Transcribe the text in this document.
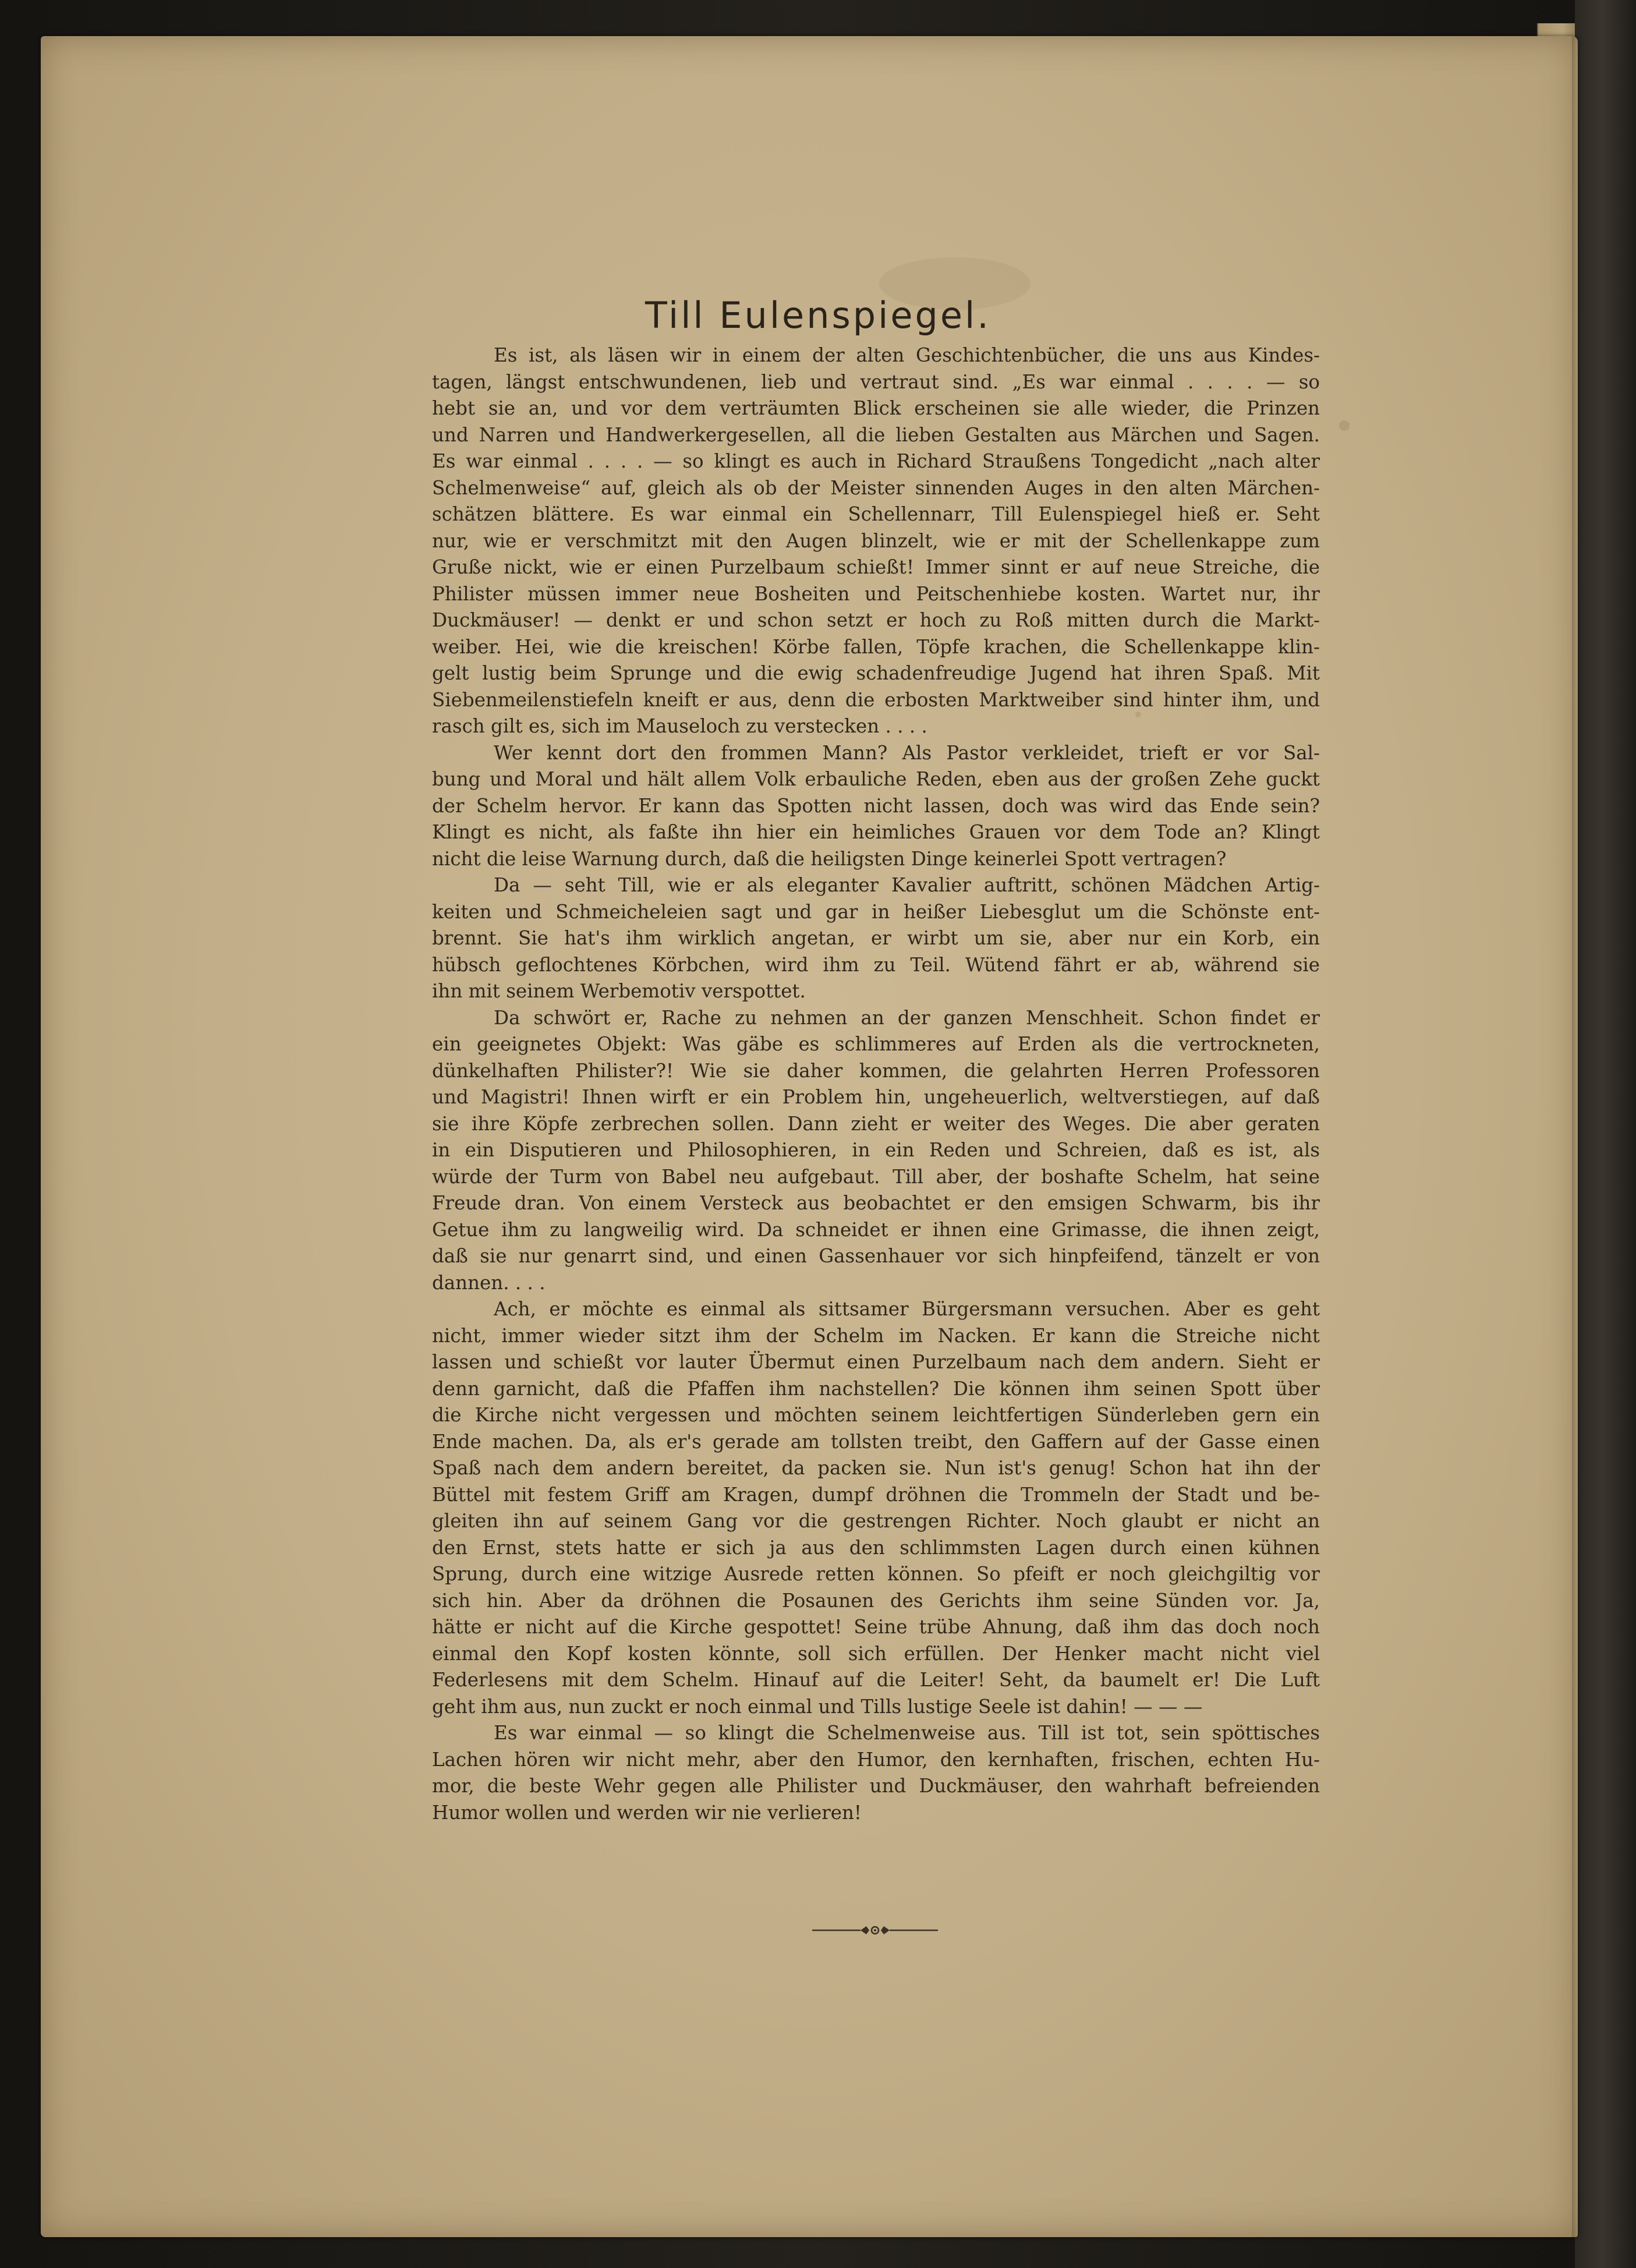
Till Eulenspiegel.
Es ist, als läsen wir in einem der alten Geschichtenbücher, die uns aus Kindes-
tagen, längst entschwundenen, lieb und vertraut sind. „Es war einmal . . . . — so
hebt sie an, und vor dem verträumten Blick erscheinen sie alle wieder, die Prinzen
und Narren und Handwerkergesellen, all die lieben Gestalten aus Märchen und Sagen.
Es war einmal . . . . — so klingt es auch in Richard Straußens Tongedicht „nach alter
Schelmenweise“ auf, gleich als ob der Meister sinnenden Auges in den alten Märchen-
schätzen blättere. Es war einmal ein Schellennarr, Till Eulenspiegel hieß er. Seht
nur, wie er verschmitzt mit den Augen blinzelt, wie er mit der Schellenkappe zum
Gruße nickt, wie er einen Purzelbaum schießt! Immer sinnt er auf neue Streiche, die
Philister müssen immer neue Bosheiten und Peitschenhiebe kosten. Wartet nur, ihr
Duckmäuser! — denkt er und schon setzt er hoch zu Roß mitten durch die Markt-
weiber. Hei, wie die kreischen! Körbe fallen, Töpfe krachen, die Schellenkappe klin-
gelt lustig beim Sprunge und die ewig schadenfreudige Jugend hat ihren Spaß. Mit
Siebenmeilenstiefeln kneift er aus, denn die erbosten Marktweiber sind hinter ihm, und
rasch gilt es, sich im Mauseloch zu verstecken . . . .
Wer kennt dort den frommen Mann? Als Pastor verkleidet, trieft er vor Sal-
bung und Moral und hält allem Volk erbauliche Reden, eben aus der großen Zehe guckt
der Schelm hervor. Er kann das Spotten nicht lassen, doch was wird das Ende sein?
Klingt es nicht, als faßte ihn hier ein heimliches Grauen vor dem Tode an? Klingt
nicht die leise Warnung durch, daß die heiligsten Dinge keinerlei Spott vertragen?
Da — seht Till, wie er als eleganter Kavalier auftritt, schönen Mädchen Artig-
keiten und Schmeicheleien sagt und gar in heißer Liebesglut um die Schönste ent-
brennt. Sie hat's ihm wirklich angetan, er wirbt um sie, aber nur ein Korb, ein
hübsch geflochtenes Körbchen, wird ihm zu Teil. Wütend fährt er ab, während sie
ihn mit seinem Werbemotiv verspottet.
Da schwört er, Rache zu nehmen an der ganzen Menschheit. Schon findet er
ein geeignetes Objekt: Was gäbe es schlimmeres auf Erden als die vertrockneten,
dünkelhaften Philister?! Wie sie daher kommen, die gelahrten Herren Professoren
und Magistri! Ihnen wirft er ein Problem hin, ungeheuerlich, weltverstiegen, auf daß
sie ihre Köpfe zerbrechen sollen. Dann zieht er weiter des Weges. Die aber geraten
in ein Disputieren und Philosophieren, in ein Reden und Schreien, daß es ist, als
würde der Turm von Babel neu aufgebaut. Till aber, der boshafte Schelm, hat seine
Freude dran. Von einem Versteck aus beobachtet er den emsigen Schwarm, bis ihr
Getue ihm zu langweilig wird. Da schneidet er ihnen eine Grimasse, die ihnen zeigt,
daß sie nur genarrt sind, und einen Gassenhauer vor sich hinpfeifend, tänzelt er von
dannen. . . .
Ach, er möchte es einmal als sittsamer Bürgersmann versuchen. Aber es geht
nicht, immer wieder sitzt ihm der Schelm im Nacken. Er kann die Streiche nicht
lassen und schießt vor lauter Übermut einen Purzelbaum nach dem andern. Sieht er
denn garnicht, daß die Pfaffen ihm nachstellen? Die können ihm seinen Spott über
die Kirche nicht vergessen und möchten seinem leichtfertigen Sünderleben gern ein
Ende machen. Da, als er's gerade am tollsten treibt, den Gaffern auf der Gasse einen
Spaß nach dem andern bereitet, da packen sie. Nun ist's genug! Schon hat ihn der
Büttel mit festem Griff am Kragen, dumpf dröhnen die Trommeln der Stadt und be-
gleiten ihn auf seinem Gang vor die gestrengen Richter. Noch glaubt er nicht an
den Ernst, stets hatte er sich ja aus den schlimmsten Lagen durch einen kühnen
Sprung, durch eine witzige Ausrede retten können. So pfeift er noch gleichgiltig vor
sich hin. Aber da dröhnen die Posaunen des Gerichts ihm seine Sünden vor. Ja,
hätte er nicht auf die Kirche gespottet! Seine trübe Ahnung, daß ihm das doch noch
einmal den Kopf kosten könnte, soll sich erfüllen. Der Henker macht nicht viel
Federlesens mit dem Schelm. Hinauf auf die Leiter! Seht, da baumelt er! Die Luft
geht ihm aus, nun zuckt er noch einmal und Tills lustige Seele ist dahin! — — —
Es war einmal — so klingt die Schelmenweise aus. Till ist tot, sein spöttisches
Lachen hören wir nicht mehr, aber den Humor, den kernhaften, frischen, echten Hu-
mor, die beste Wehr gegen alle Philister und Duckmäuser, den wahrhaft befreienden
Humor wollen und werden wir nie verlieren!
